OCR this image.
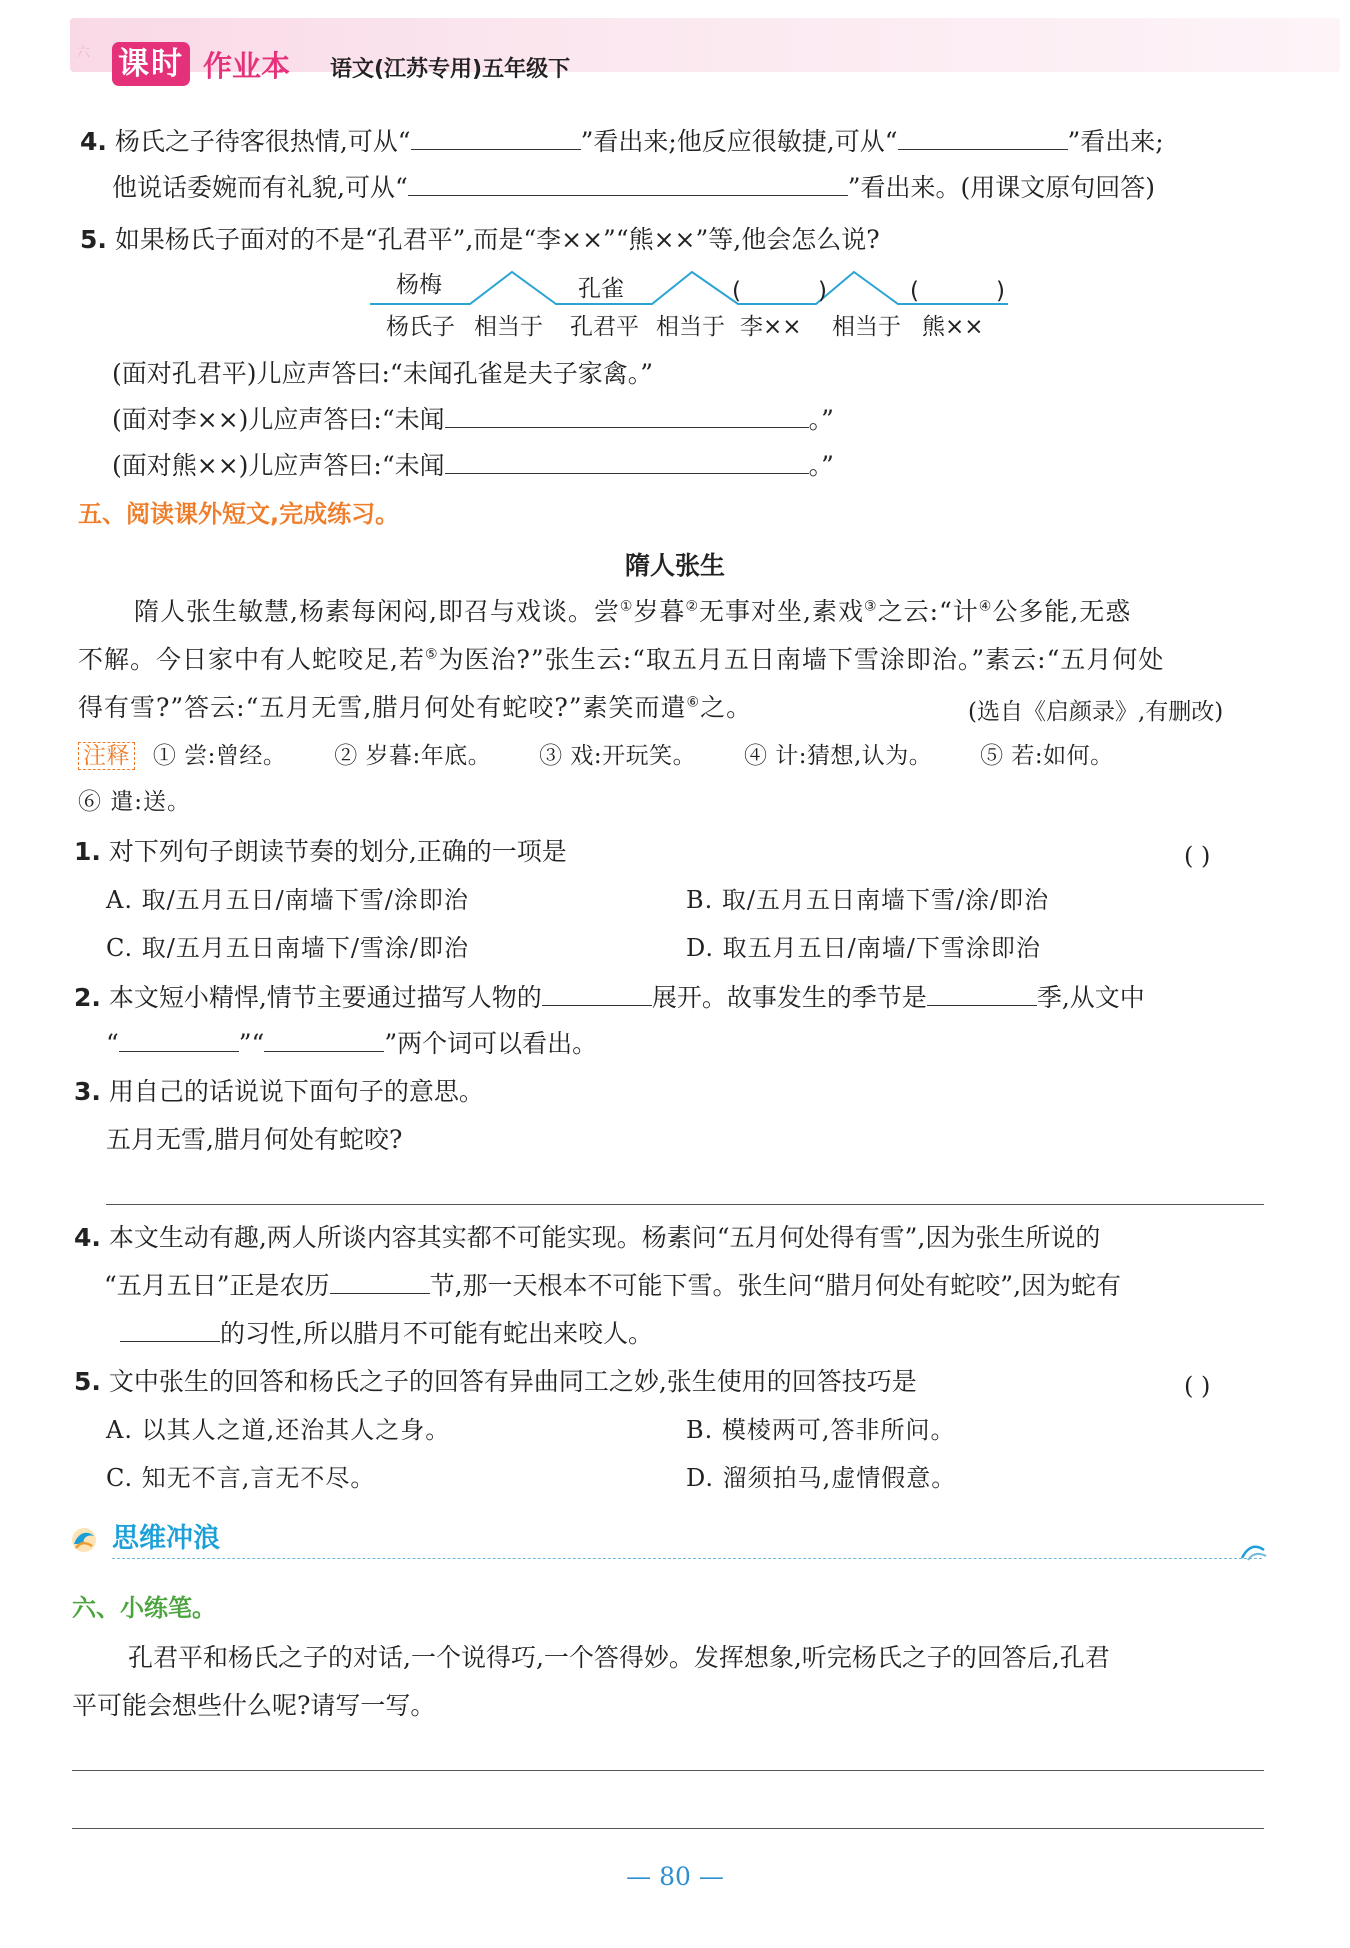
六 课时 作业本 语文(江苏专用)五年级下
4. 杨氏之子待客很热情,可从“	”看出来;他反应很敏捷,可从“	”看出来;
他说话委婉而有礼貌,可从“	”看出来。(用课文原句回答)
5. 如果杨氏子面对的不是“孔君平”,而是“李××”“熊××”等,他会怎么说?
杨梅	孔雀	(	)	(	)
杨氏子 相当于 孔君平 相当于 李×× 相当于 熊××
(面对孔君平)儿应声答曰:“未闻孔雀是夫子家禽。”
(面对李××)儿应声答曰:“未闻	。”
(面对熊××)儿应声答曰:“未闻	。”
五、阅读课外短文,完成练习。
隋人张生
隋人张生敏慧,杨素每闲闷,即召与戏谈。尝①岁暮②无事对坐,素戏③之云:“计④公多能,无惑
不解。今日家中有人蛇咬足,若⑤为医治?”张生云:“取五月五日南墙下雪涂即治。”素云:“五月何处
得有雪?”答云:“五月无雪,腊月何处有蛇咬?”素笑而遣⑥之。	(选自《启颜录》,有删改)
注释 ① 尝:曾经。 ② 岁暮:年底。 ③ 戏:开玩笑。 ④ 计:猜想,认为。 ⑤ 若:如何。
⑥ 遣:送。
1. 对下列句子朗读节奏的划分,正确的一项是	( )
A. 取/五月五日/南墙下雪/涂即治	B. 取/五月五日南墙下雪/涂/即治
C. 取/五月五日南墙下/雪涂/即治	D. 取五月五日/南墙/下雪涂即治
2. 本文短小精悍,情节主要通过描写人物的	展开。故事发生的季节是	季,从文中
“	”“	”两个词可以看出。
3. 用自己的话说说下面句子的意思。
五月无雪,腊月何处有蛇咬?
4. 本文生动有趣,两人所谈内容其实都不可能实现。杨素问“五月何处得有雪”,因为张生所说的
“五月五日”正是农历	节,那一天根本不可能下雪。张生问“腊月何处有蛇咬”,因为蛇有
的习性,所以腊月不可能有蛇出来咬人。
5. 文中张生的回答和杨氏之子的回答有异曲同工之妙,张生使用的回答技巧是	( )
A. 以其人之道,还治其人之身。	B. 模棱两可,答非所问。
C. 知无不言,言无不尽。	D. 溜须拍马,虚情假意。
思维冲浪
六、小练笔。
孔君平和杨氏之子的对话,一个说得巧,一个答得妙。发挥想象,听完杨氏之子的回答后,孔君
平可能会想些什么呢?请写一写。
— 80 —
